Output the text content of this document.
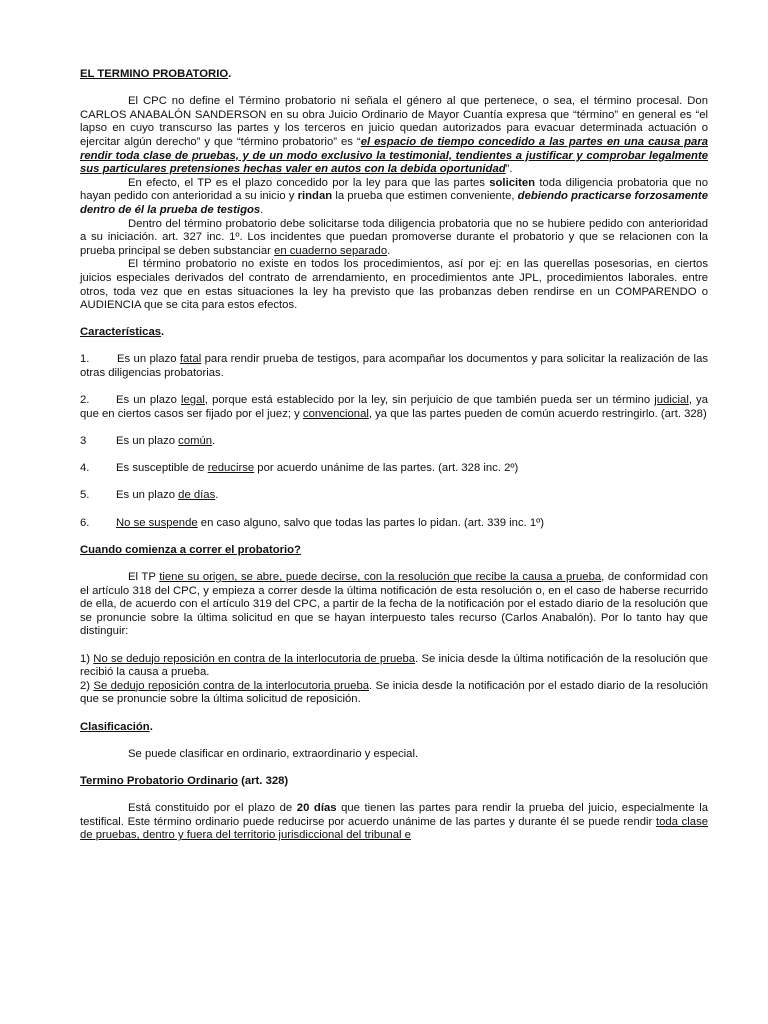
EL TERMINO PROBATORIO.

El CPC no define el Término probatorio ni señala el género al que pertenece, o sea, el término procesal. Don CARLOS ANABALÓN SANDERSON en su obra Juicio Ordinario de Mayor Cuantía expresa que “término” en general es “el lapso en cuyo transcurso las partes y los terceros en juicio quedan autorizados para evacuar determinada actuación o ejercitar algún derecho” y que “término probatorio” es “el espacio de tiempo concedido a las partes en una causa para rendir toda clase de pruebas, y de un modo exclusivo la testimonial, tendientes a justificar y comprobar legalmente sus particulares pretensiones hechas valer en autos con la debida oportunidad”.

En efecto, el TP es el plazo concedido por la ley para que las partes soliciten toda diligencia probatoria que no hayan pedido con anterioridad a su inicio y rindan la prueba que estimen conveniente, debiendo practicarse forzosamente dentro de él la prueba de testigos.

Dentro del término probatorio debe solicitarse toda diligencia probatoria que no se hubiere pedido con anterioridad a su iniciación. art. 327 inc. 1º. Los incidentes que puedan promoverse durante el probatorio y que se relacionen con la prueba principal se deben substanciar en cuaderno separado.

El término probatorio no existe en todos los procedimientos, así por ej: en las querellas posesorias, en ciertos juicios especiales derivados del contrato de arrendamiento, en procedimientos ante JPL, procedimientos laborales. entre otros, toda vez que en estas situaciones la ley ha previsto que las probanzas deben rendirse en un COMPARENDO o AUDIENCIA que se cita para estos efectos.

Características.

1. Es un plazo fatal para rendir prueba de testigos, para acompañar los documentos y para solicitar la realización de las otras diligencias probatorias.

2. Es un plazo legal, porque está establecido por la ley, sin perjuicio de que también pueda ser un término judicial, ya que en ciertos casos ser fijado por el juez; y convencional, ya que las partes pueden de común acuerdo restringirlo. (art. 328)

3	Es un plazo común.

4. Es susceptible de reducirse por acuerdo unánime de las partes. (art. 328 inc. 2º)

5. Es un plazo de días.

6. No se suspende en caso alguno, salvo que todas las partes lo pidan. (art. 339 inc. 1º)

Cuando comienza a correr el probatorio?

El TP tiene su origen, se abre, puede decirse, con la resolución que recibe la causa a prueba, de conformidad con el artículo 318 del CPC, y empieza a correr desde la última notificación de esta resolución o, en el caso de haberse recurrido de ella, de acuerdo con el artículo 319 del CPC, a partir de la fecha de la notificación por el estado diario de la resolución que se pronuncie sobre la última solicitud en que se hayan interpuesto tales recurso (Carlos Anabalón). Por lo tanto hay que distinguir:

1) No se dedujo reposición en contra de la interlocutoria de prueba. Se inicia desde la última notificación de la resolución que recibió la causa a prueba.

2) Se dedujo reposición contra de la interlocutoria prueba. Se inicia desde la notificación por el estado diario de la resolución que se pronuncie sobre la última solicitud de reposición.

Clasificación.

Se puede clasificar en ordinario, extraordinario y especial.

Termino Probatorio Ordinario (art. 328)

Está constituido por el plazo de 20 días que tienen las partes para rendir la prueba del juicio, especialmente la testifical. Este término ordinario puede reducirse por acuerdo unánime de las partes y durante él se puede rendir toda clase de pruebas, dentro y fuera del territorio jurisdiccional del tribunal e
